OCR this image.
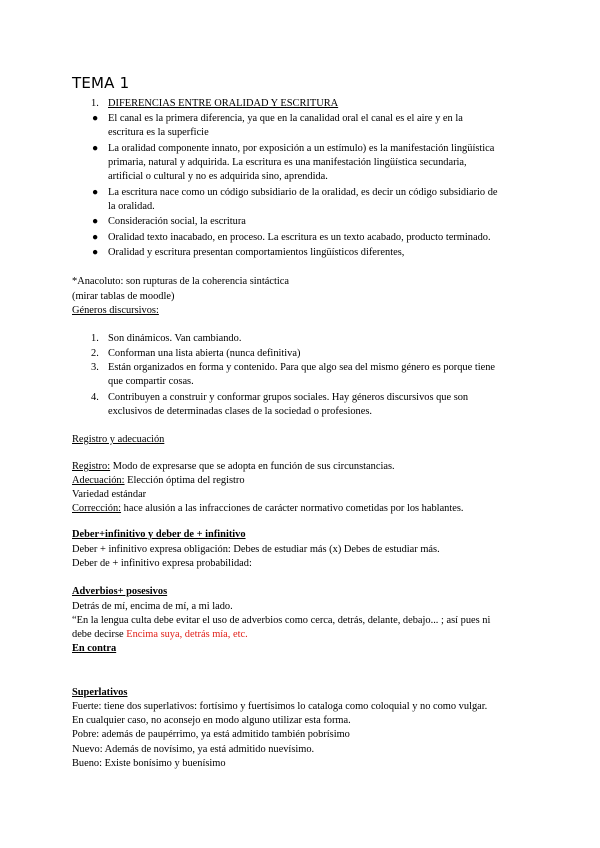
TEMA 1
1. DIFERENCIAS ENTRE ORALIDAD Y ESCRITURA
● El canal es la primera diferencia, ya que en la canalidad oral el canal es el aire y en la
escritura es la superficie
● La oralidad componente innato, por exposición a un estímulo) es la manifestación lingüística
primaria, natural y adquirida. La escritura es una manifestación lingüística secundaria,
artificial o cultural y no es adquirida sino, aprendida.
● La escritura nace como un código subsidiario de la oralidad, es decir un código subsidiario de
la oralidad.
● Consideración social, la escritura
● Oralidad texto inacabado, en proceso. La escritura es un texto acabado, producto terminado.
● Oralidad y escritura presentan comportamientos lingüísticos diferentes,
*Anacoluto: son rupturas de la coherencia sintáctica
(mirar tablas de moodle)
Géneros discursivos:
1. Son dinámicos. Van cambiando.
2. Conforman una lista abierta (nunca definitiva)
3. Están organizados en forma y contenido. Para que algo sea del mismo género es porque tiene
que compartir cosas.
4. Contribuyen a construir y conformar grupos sociales. Hay géneros discursivos que son
exclusivos de determinadas clases de la sociedad o profesiones.
Registro y adecuación
Registro: Modo de expresarse que se adopta en función de sus circunstancias.
Adecuación: Elección óptima del registro
Variedad estándar
Corrección: hace alusión a las infracciones de carácter normativo cometidas por los hablantes.
Deber+infinitivo y deber de + infinitivo
Deber + infinitivo expresa obligación: Debes de estudiar más (x) Debes de estudiar más.
Deber de + infinitivo expresa probabilidad:
Adverbios+ posesivos
Detrás de mí, encima de mí, a mi lado.
“En la lengua culta debe evitar el uso de adverbios como cerca, detrás, delante, debajo... ; así pues ni
debe decirse Encima suya, detrás mía, etc.
En contra
Superlativos
Fuerte: tiene dos superlativos: fortísimo y fuertísimos lo cataloga como coloquial y no como vulgar.
En cualquier caso, no aconsejo en modo alguno utilizar esta forma.
Pobre: además de paupérrimo, ya está admitido también pobrísimo
Nuevo: Además de novísimo, ya está admitido nuevísimo.
Bueno: Existe bonísimo y buenísimo
